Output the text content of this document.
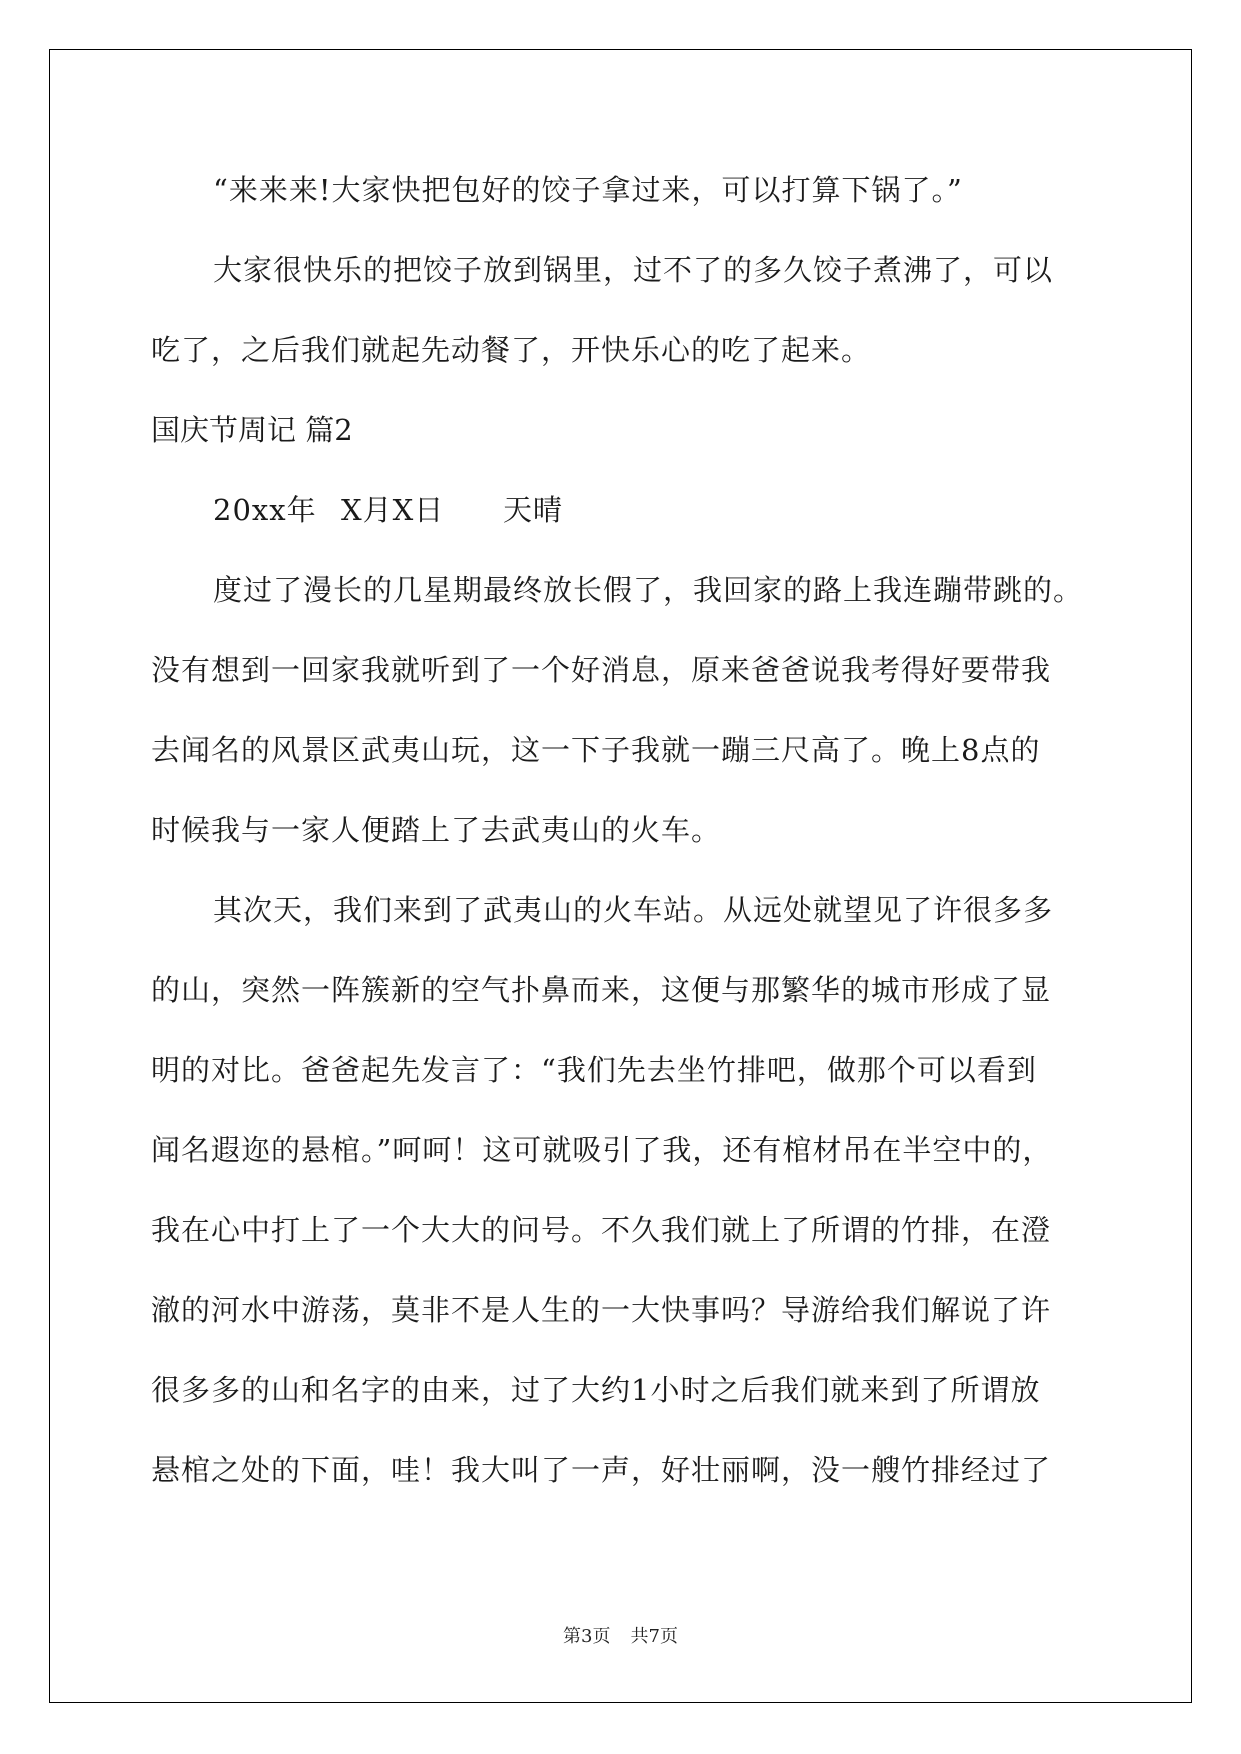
“来来来!大家快把包好的饺子拿过来，可以打算下锅了。”
大家很快乐的把饺子放到锅里，过不了的多久饺子煮沸了，可以
吃了，之后我们就起先动餐了，开快乐心的吃了起来。
国庆节周记 篇2
20xx年 X月X日 天晴
度过了漫长的几星期最终放长假了，我回家的路上我连蹦带跳的。
没有想到一回家我就听到了一个好消息，原来爸爸说我考得好要带我
去闻名的风景区武夷山玩，这一下子我就一蹦三尺高了。晚上8点的
时候我与一家人便踏上了去武夷山的火车。
其次天，我们来到了武夷山的火车站。从远处就望见了许很多多
的山，突然一阵簇新的空气扑鼻而来，这便与那繁华的城市形成了显
明的对比。爸爸起先发言了：“我们先去坐竹排吧，做那个可以看到
闻名遐迩的悬棺。”呵呵！这可就吸引了我，还有棺材吊在半空中的，
我在心中打上了一个大大的问号。不久我们就上了所谓的竹排，在澄
澈的河水中游荡，莫非不是人生的一大快事吗？导游给我们解说了许
很多多的山和名字的由来，过了大约1小时之后我们就来到了所谓放
悬棺之处的下面，哇！我大叫了一声，好壮丽啊，没一艘竹排经过了
第3页 共7页
